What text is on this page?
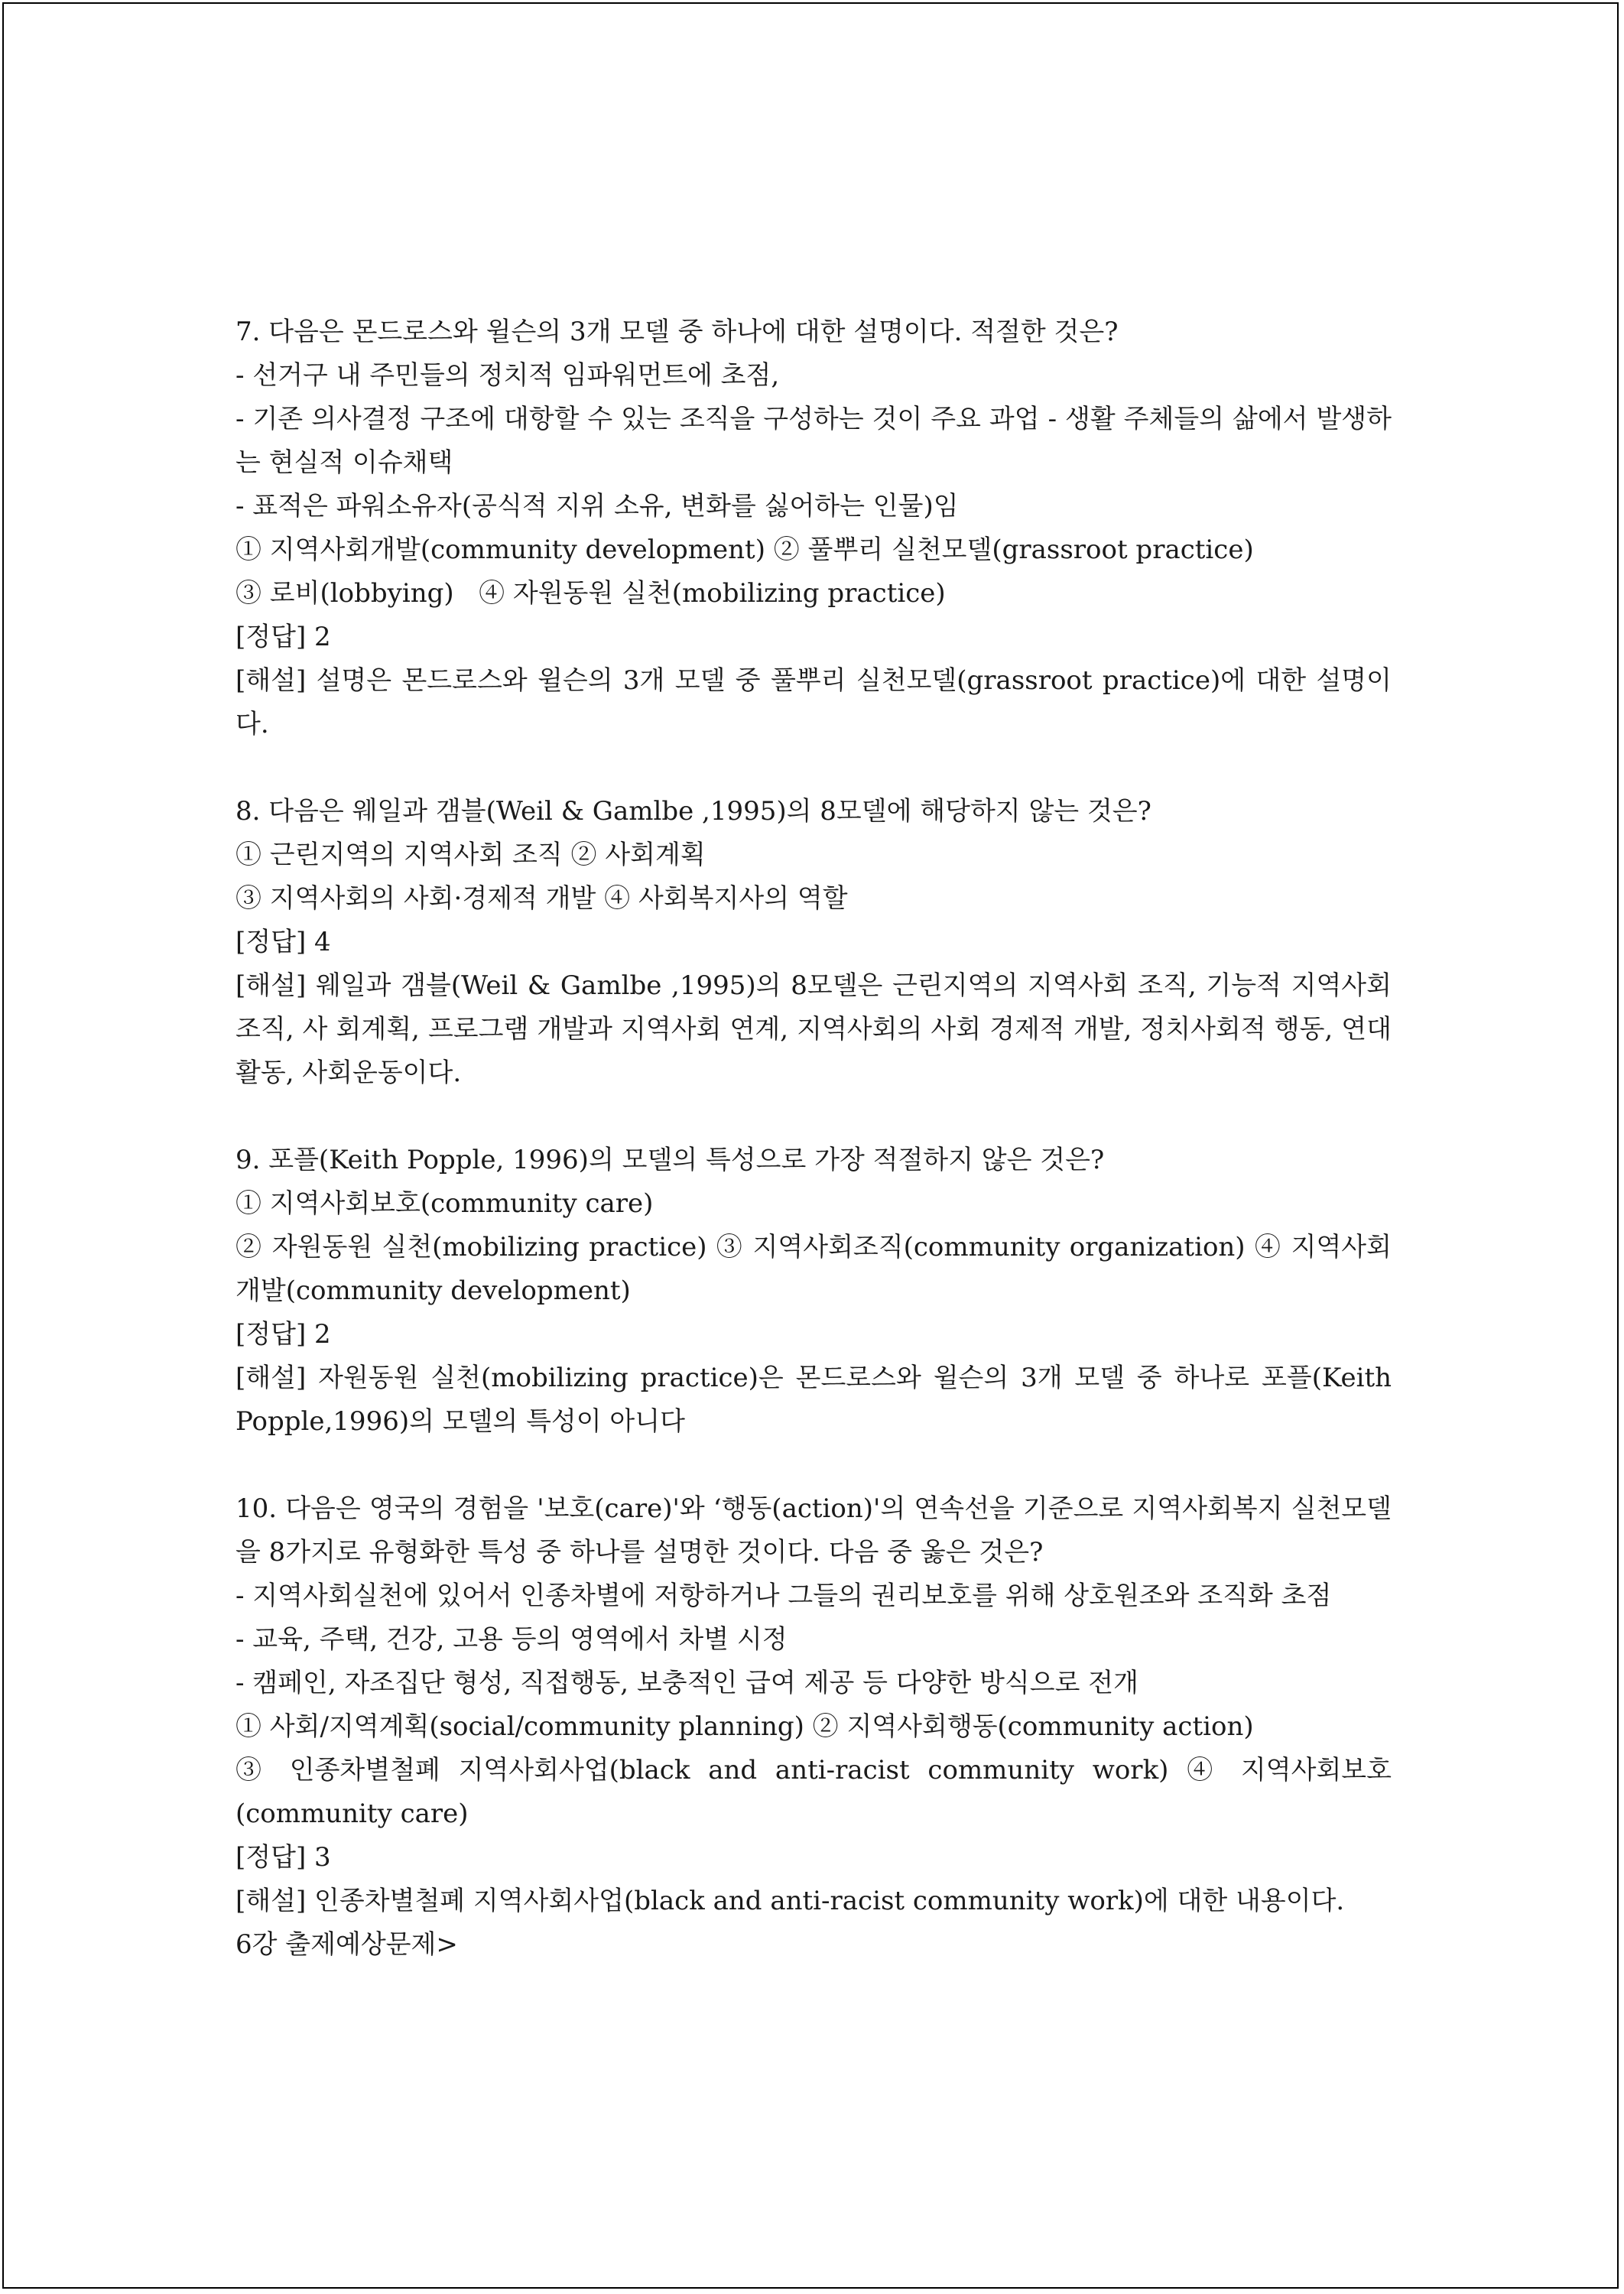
7. 다음은 몬드로스와 윌슨의 3개 모델 중 하나에 대한 설명이다. 적절한 것은?
- 선거구 내 주민들의 정치적 임파워먼트에 초점,
- 기존 의사결정 구조에 대항할 수 있는 조직을 구성하는 것이 주요 과업 - 생활 주체들의 삶에서 발생하는 현실적 이슈채택
- 표적은 파워소유자(공식적 지위 소유, 변화를 싫어하는 인물)임
① 지역사회개발(community development) ② 풀뿌리 실천모델(grassroot practice)
③ 로비(lobbying)   ④ 자원동원 실천(mobilizing practice)
[정답] 2
[해설] 설명은 몬드로스와 윌슨의 3개 모델 중 풀뿌리 실천모델(grassroot practice)에 대한 설명이다.
8. 다음은 웨일과 갬블(Weil & Gamlbe ,1995)의 8모델에 해당하지 않는 것은?
① 근린지역의 지역사회 조직 ② 사회계획
③ 지역사회의 사회·경제적 개발 ④ 사회복지사의 역할
[정답] 4
[해설] 웨일과 갬블(Weil & Gamlbe ,1995)의 8모델은 근린지역의 지역사회 조직, 기능적 지역사회 조직, 사 회계획, 프로그램 개발과 지역사회 연계, 지역사회의 사회 경제적 개발, 정치사회적 행동, 연대활동, 사회운동이다.
9. 포플(Keith Popple, 1996)의 모델의 특성으로 가장 적절하지 않은 것은?
① 지역사회보호(community care)
② 자원동원 실천(mobilizing practice) ③ 지역사회조직(community organization) ④ 지역사회개발(community development)
[정답] 2
[해설] 자원동원 실천(mobilizing practice)은 몬드로스와 윌슨의 3개 모델 중 하나로 포플(Keith Popple,1996)의 모델의 특성이 아니다
10. 다음은 영국의 경험을 '보호(care)'와 ‘행동(action)'의 연속선을 기준으로 지역사회복지 실천모델을 8가지로 유형화한 특성 중 하나를 설명한 것이다. 다음 중 옳은 것은?
- 지역사회실천에 있어서 인종차별에 저항하거나 그들의 권리보호를 위해 상호원조와 조직화 초점
- 교육, 주택, 건강, 고용 등의 영역에서 차별 시정
- 캠페인, 자조집단 형성, 직접행동, 보충적인 급여 제공 등 다양한 방식으로 전개
① 사회/지역계획(social/community planning) ② 지역사회행동(community action)
③ 인종차별철폐 지역사회사업(black and anti-racist community work) ④ 지역사회보호(community care)
[정답] 3
[해설] 인종차별철폐 지역사회사업(black and anti-racist community work)에 대한 내용이다.
6강 출제예상문제>
